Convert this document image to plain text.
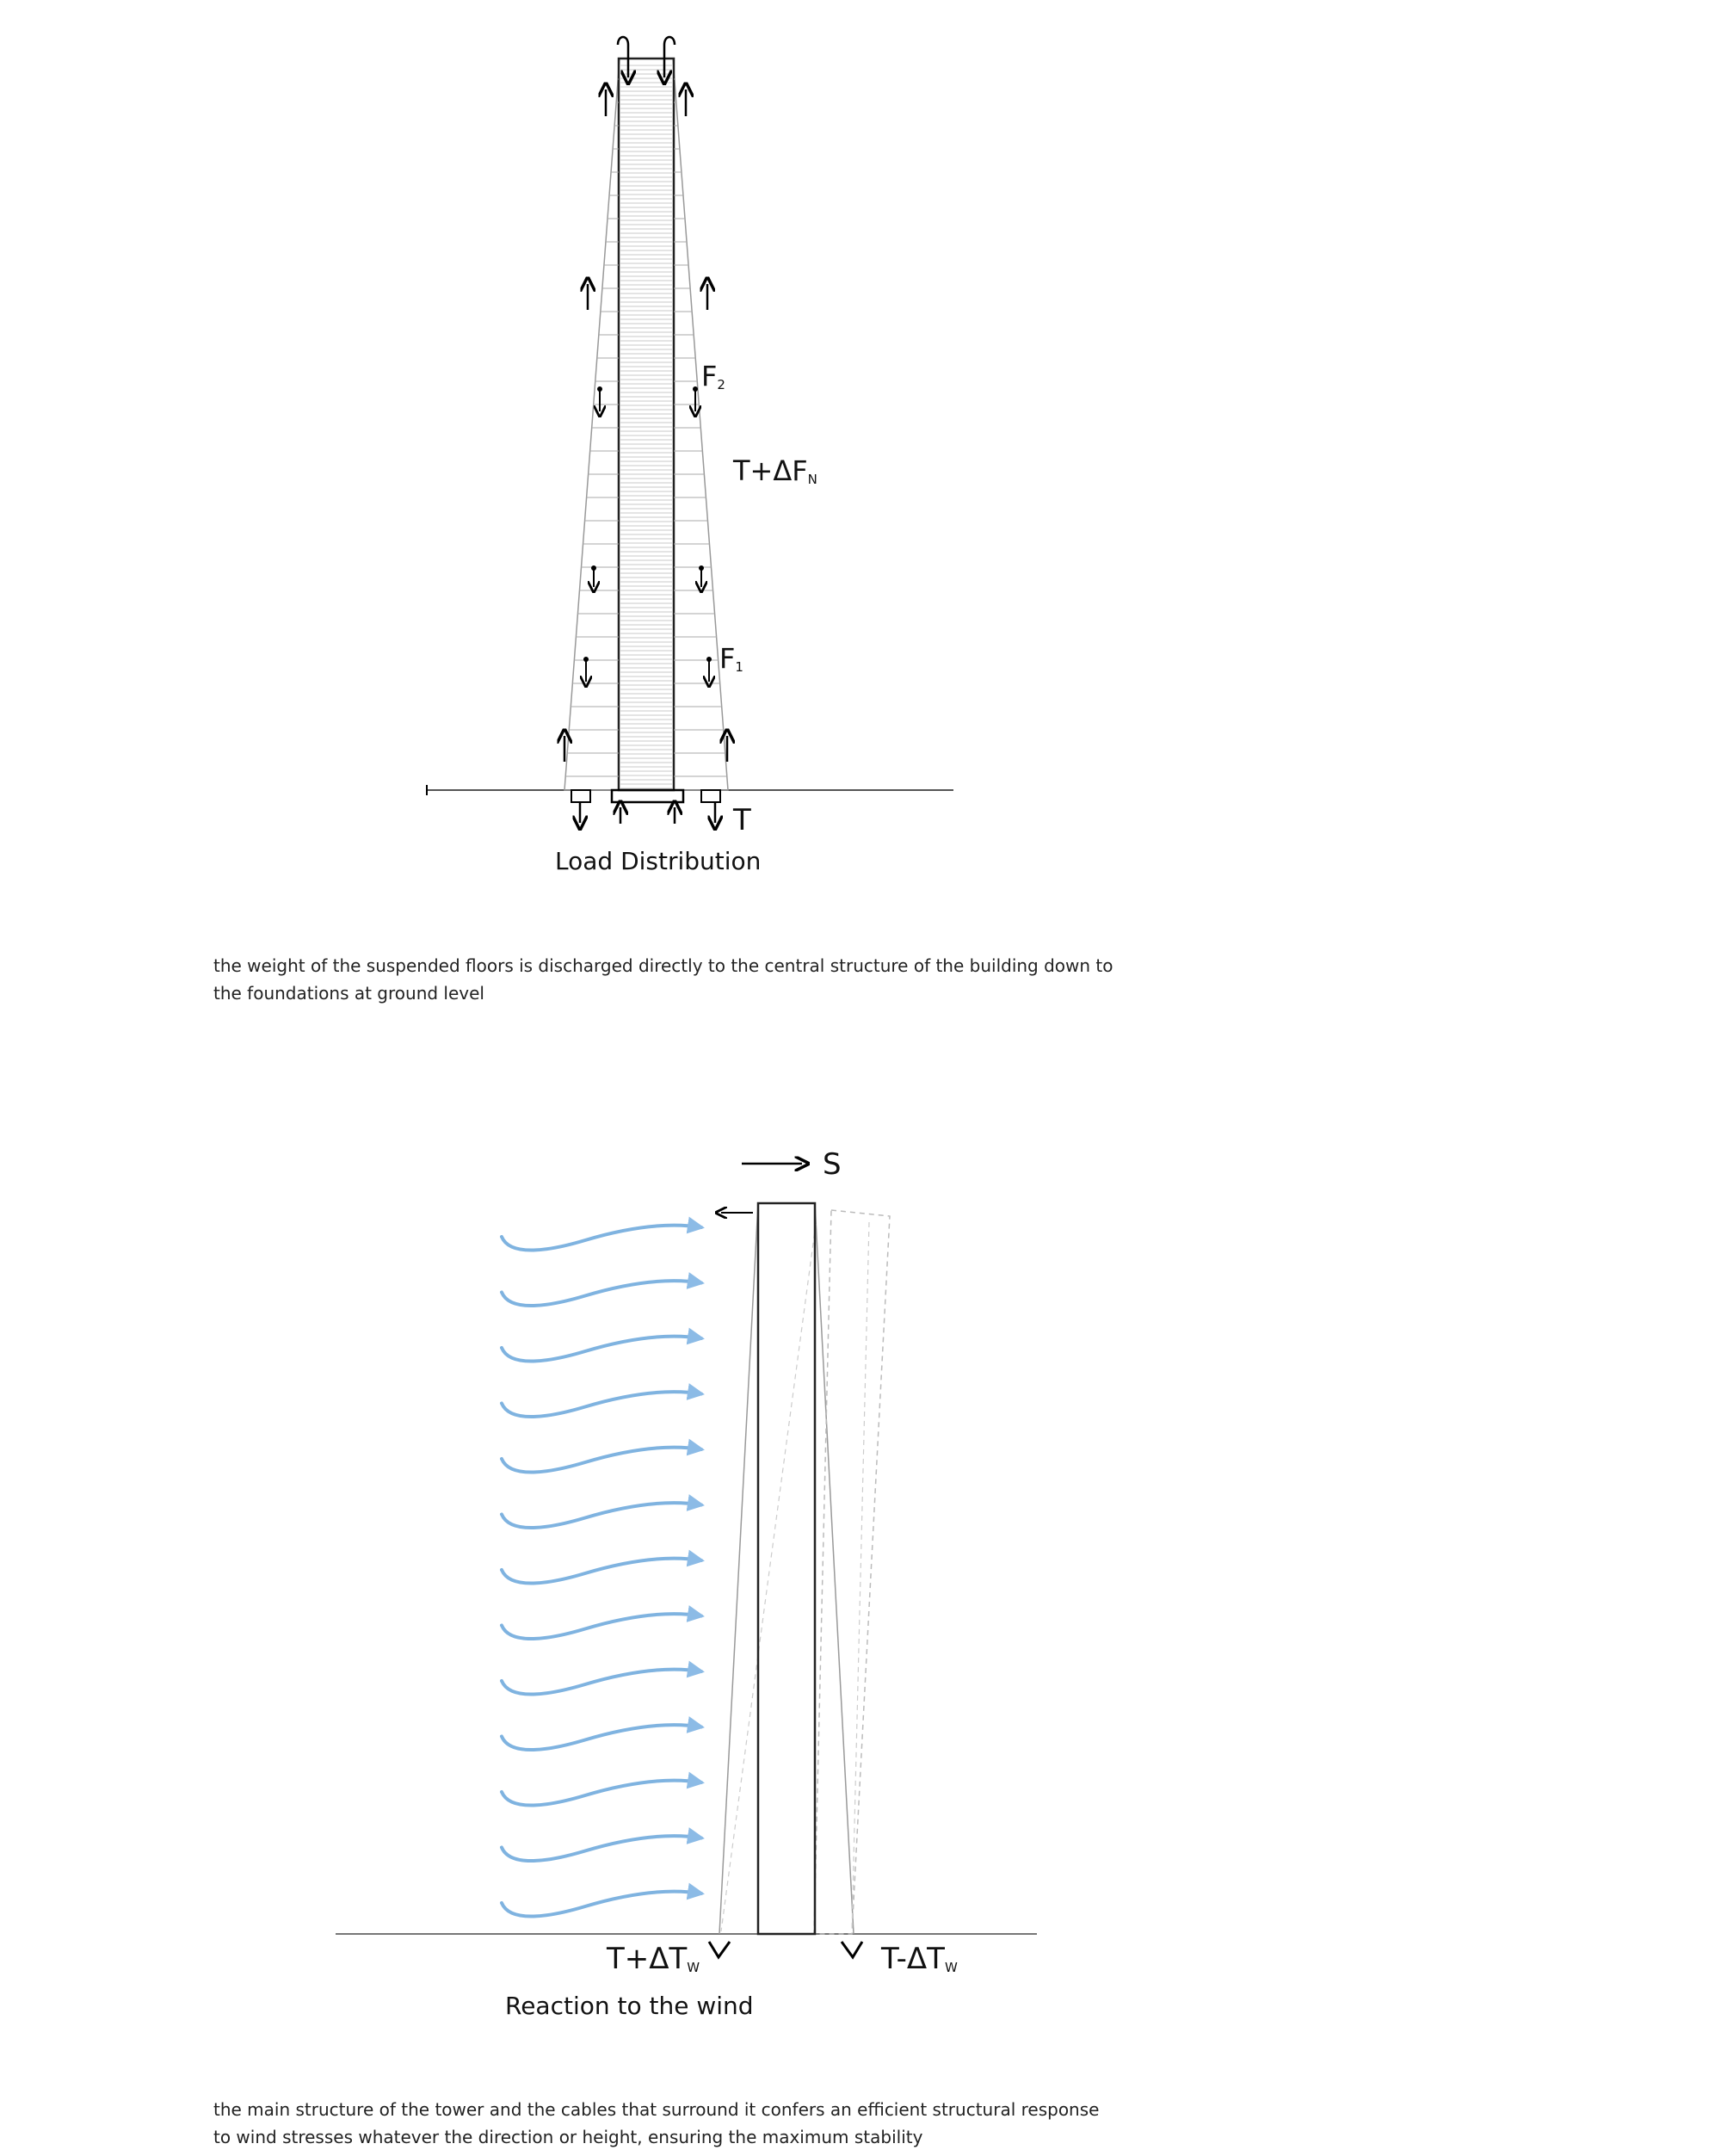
F2
T+ΔFN
F1
T
S
T+ΔTW	T-ΔTW
Load Distribution

the weight of the suspended floors is discharged directly to the central structure of the building down to the foundations at ground level

Reaction to the wind

the main structure of the tower and the cables that surround it confers an efficient structural response to wind stresses whatever the direction or height, ensuring the maximum stability
